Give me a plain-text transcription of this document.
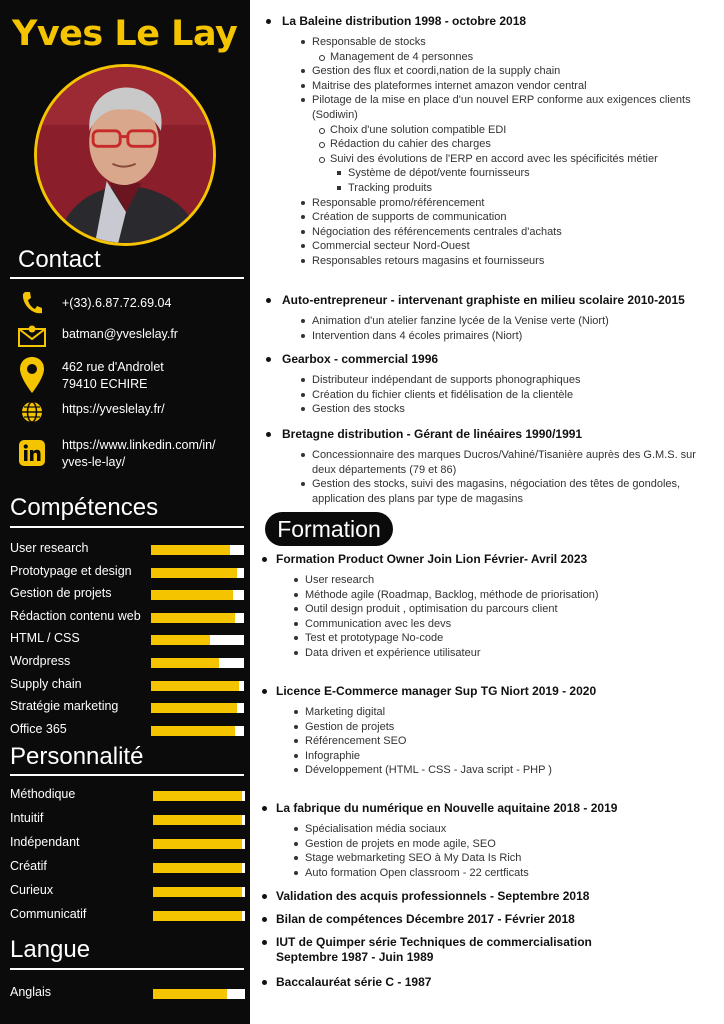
Yves Le Lay
Contact
+(33).6.87.72.69.04
batman@yveslelay.fr
462 rue d'Androlet
79410 ECHIRE
https://yveslelay.fr/
https://www.linkedin.com/in/
yves-le-lay/
Compétences
User research
Prototypage et design
Gestion de projets
Rédaction contenu web
HTML / CSS
Wordpress
Supply chain
Stratégie marketing
Office 365
Personnalité
Méthodique
Intuitif
Indépendant
Créatif
Curieux
Communicatif
Langue
Anglais
La Baleine distribution 1998 - octobre 2018
Responsable de stocks
Management de 4 personnes
Gestion des flux et coordi,nation de la supply chain
Maitrise des plateformes internet amazon vendor central
Pilotage de la mise en place d'un nouvel ERP conforme aux exigences clients (Sodiwin)
Choix d'une solution compatible EDI
Rédaction du cahier des charges
Suivi des évolutions de l'ERP en accord avec les spécificités métier
Système de dépot/vente fournisseurs
Tracking produits
Responsable promo/référencement
Création de supports de communication
Négociation des référencements centrales d'achats
Commercial secteur Nord-Ouest
Responsables retours magasins et fournisseurs
Auto-entrepreneur - intervenant graphiste en milieu scolaire 2010-2015
Animation d'un atelier fanzine lycée de la Venise verte (Niort)
Intervention dans 4 écoles primaires (Niort)
Gearbox - commercial 1996
Distributeur indépendant de supports phonographiques
Création du fichier clients et fidélisation de la clientèle
Gestion des stocks
Bretagne distribution - Gérant de linéaires 1990/1991
Concessionnaire des marques Ducros/Vahiné/Tisanière auprès des G.M.S. sur deux départements (79 et 86)
Gestion des stocks, suivi des magasins, négociation des têtes de gondoles, application des plans par type de magasins
Formation
Formation Product Owner Join Lion Février- Avril 2023
User research
Méthode agile (Roadmap, Backlog, méthode de priorisation)
Outil design produit , optimisation du parcours client
Communication avec les devs
Test et prototypage No-code
Data driven et expérience utilisateur
Licence E-Commerce manager Sup TG Niort 2019 - 2020
Marketing digital
Gestion de projets
Référencement SEO
Infographie
Développement (HTML - CSS - Java script - PHP )
La fabrique du numérique en Nouvelle aquitaine 2018 - 2019
Spécialisation média sociaux
Gestion de projets en mode agile, SEO
Stage webmarketing SEO à My Data Is Rich
Auto formation Open classroom - 22 certficats
Validation des acquis professionnels - Septembre 2018
Bilan de compétences Décembre 2017 - Février 2018
IUT de Quimper série Techniques de commercialisation Septembre 1987 - Juin 1989
Baccalauréat série C - 1987
